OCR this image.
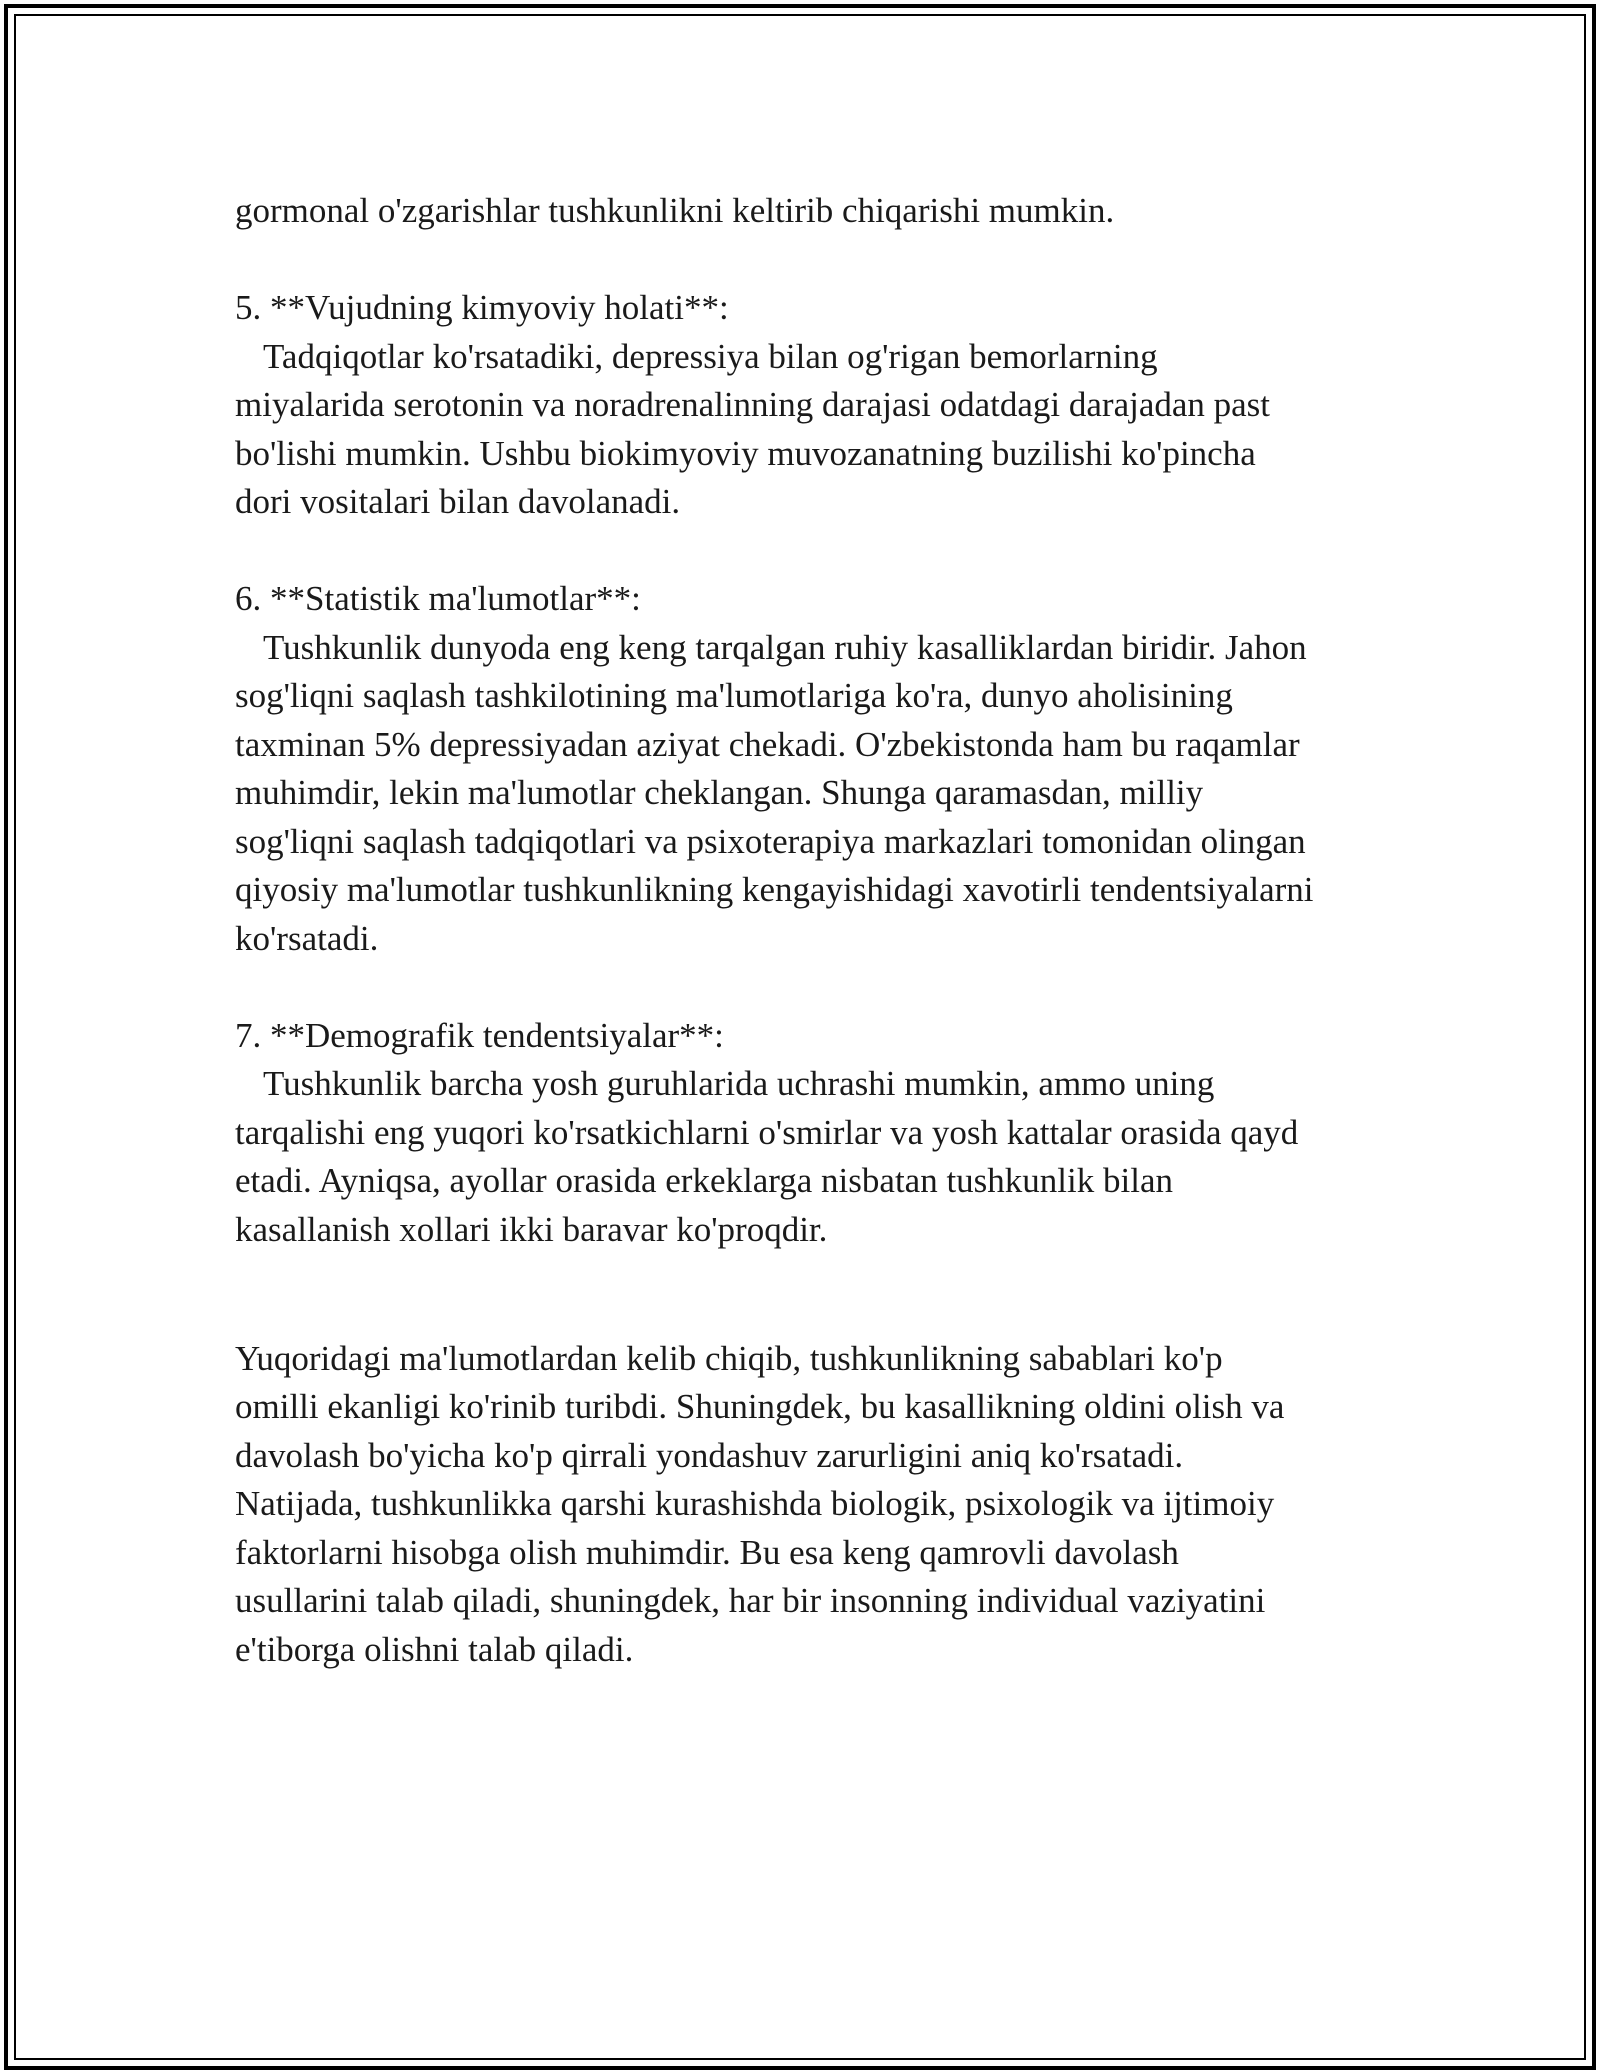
gormonal o'zgarishlar tushkunlikni keltirib chiqarishi mumkin.

5. **Vujudning kimyoviy holati**:

Tadqiqotlar ko'rsatadiki, depressiya bilan og'rigan bemorlarning

miyalarida serotonin va noradrenalinning darajasi odatdagi darajadan past

bo'lishi mumkin. Ushbu biokimyoviy muvozanatning buzilishi ko'pincha

dori vositalari bilan davolanadi.

6. **Statistik ma'lumotlar**:

Tushkunlik dunyoda eng keng tarqalgan ruhiy kasalliklardan biridir. Jahon

sog'liqni saqlash tashkilotining ma'lumotlariga ko'ra, dunyo aholisining

taxminan 5% depressiyadan aziyat chekadi. O'zbekistonda ham bu raqamlar

muhimdir, lekin ma'lumotlar cheklangan. Shunga qaramasdan, milliy

sog'liqni saqlash tadqiqotlari va psixoterapiya markazlari tomonidan olingan

qiyosiy ma'lumotlar tushkunlikning kengayishidagi xavotirli tendentsiyalarni

ko'rsatadi.

7. **Demografik tendentsiyalar**:

Tushkunlik barcha yosh guruhlarida uchrashi mumkin, ammo uning

tarqalishi eng yuqori ko'rsatkichlarni o'smirlar va yosh kattalar orasida qayd

etadi. Ayniqsa, ayollar orasida erkeklarga nisbatan tushkunlik bilan

kasallanish xollari ikki baravar ko'proqdir.

Yuqoridagi ma'lumotlardan kelib chiqib, tushkunlikning sabablari ko'p

omilli ekanligi ko'rinib turibdi. Shuningdek, bu kasallikning oldini olish va

davolash bo'yicha ko'p qirrali yondashuv zarurligini aniq ko'rsatadi.

Natijada, tushkunlikka qarshi kurashishda biologik, psixologik va ijtimoiy

faktorlarni hisobga olish muhimdir. Bu esa keng qamrovli davolash

usullarini talab qiladi, shuningdek, har bir insonning individual vaziyatini

e'tiborga olishni talab qiladi.
